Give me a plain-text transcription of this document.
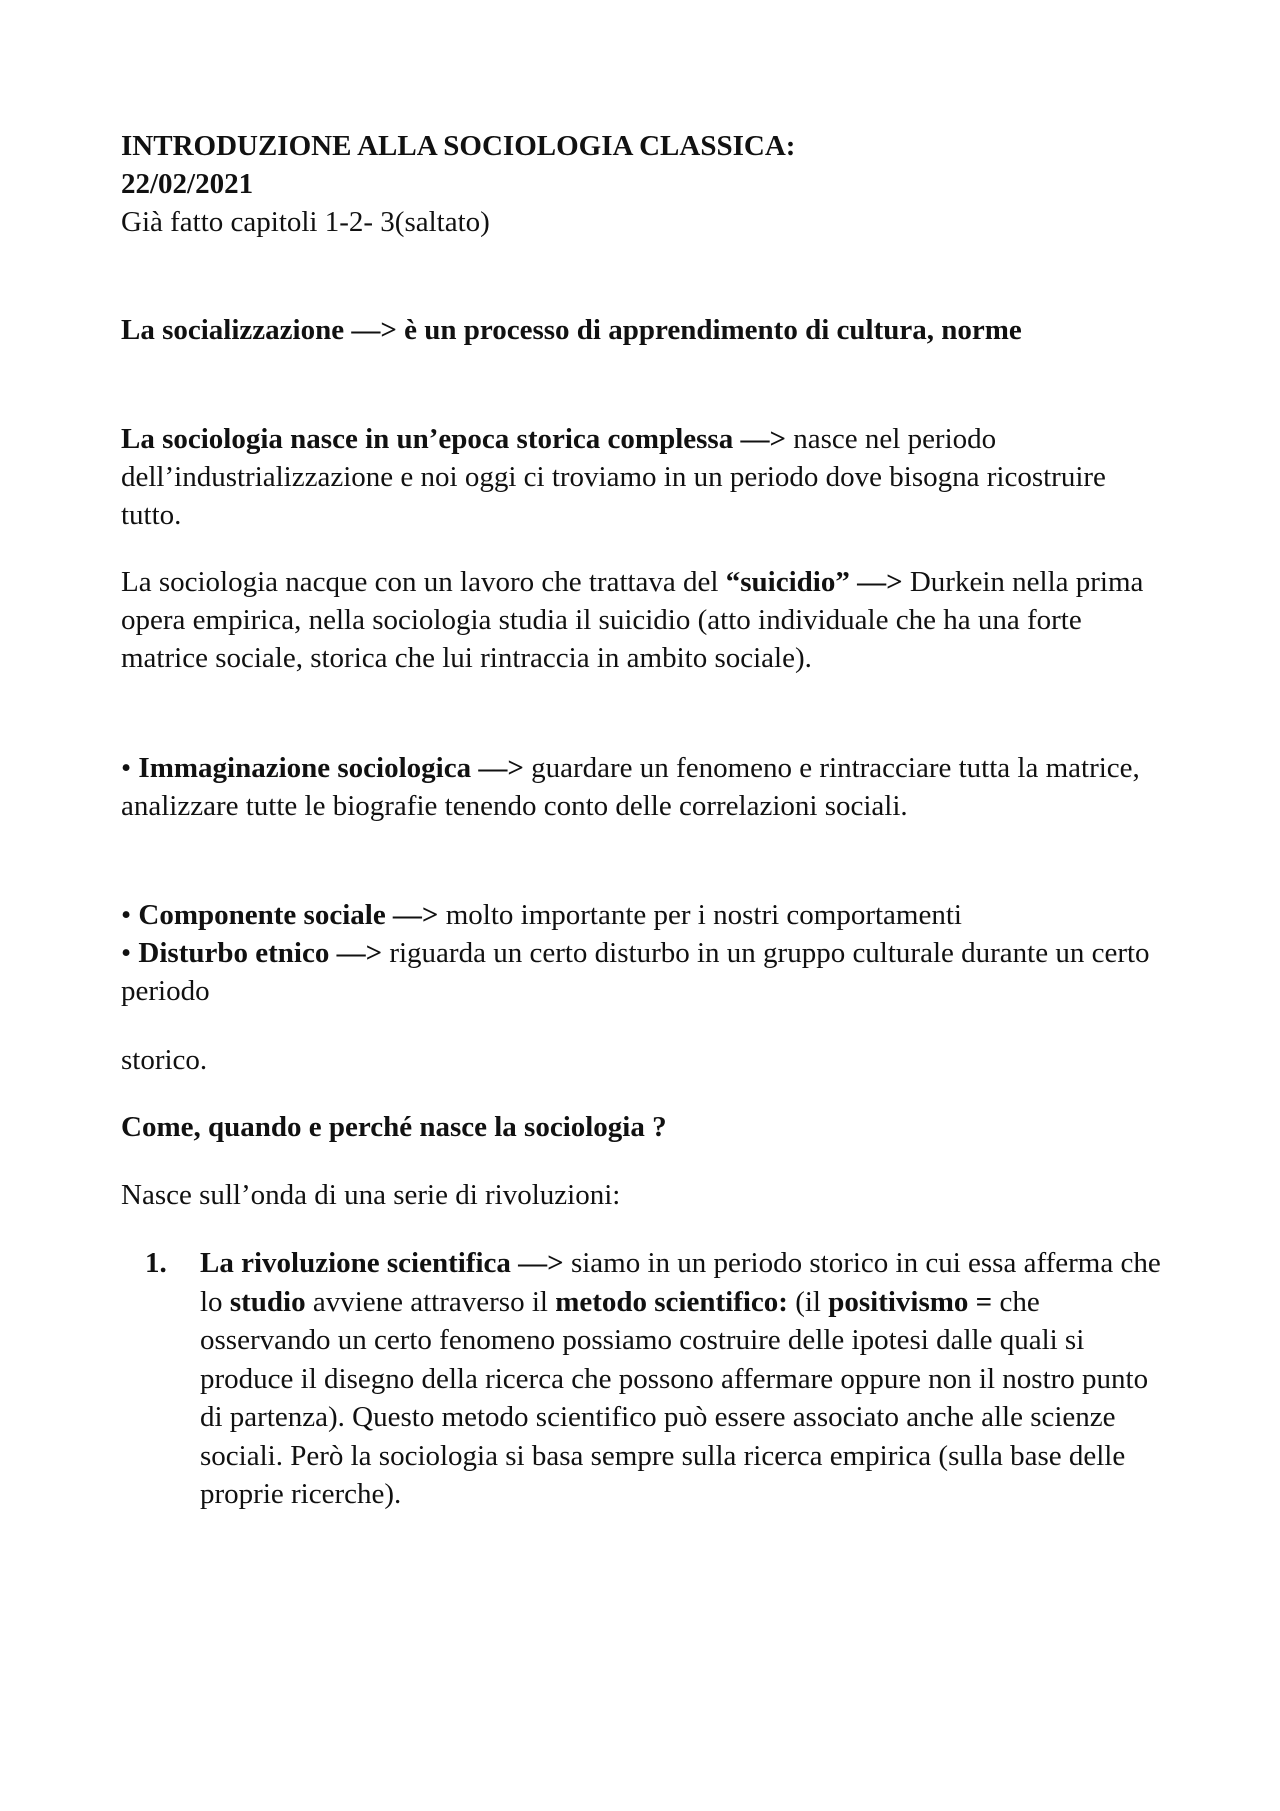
INTRODUZIONE ALLA SOCIOLOGIA CLASSICA:
22/02/2021
Già fatto capitoli 1-2- 3(saltato)

La socializzazione —> è un processo di apprendimento di cultura, norme

La sociologia nasce in un’epoca storica complessa —> nasce nel periodo dell’industrializzazione e noi oggi ci troviamo in un periodo dove bisogna ricostruire tutto.

La sociologia nacque con un lavoro che trattava del “suicidio” —> Durkein nella prima opera empirica, nella sociologia studia il suicidio (atto individuale che ha una forte matrice sociale, storica che lui rintraccia in ambito sociale).

• Immaginazione sociologica —> guardare un fenomeno e rintracciare tutta la matrice, analizzare tutte le biografie tenendo conto delle correlazioni sociali.

• Componente sociale —> molto importante per i nostri comportamenti
• Disturbo etnico —> riguarda un certo disturbo in un gruppo culturale durante un certo periodo

storico.

Come, quando e perché nasce la sociologia ?

Nasce sull’onda di una serie di rivoluzioni:

1. La rivoluzione scientifica —> siamo in un periodo storico in cui essa afferma che lo studio avviene attraverso il metodo scientifico: (il positivismo = che osservando un certo fenomeno possiamo costruire delle ipotesi dalle quali si produce il disegno della ricerca che possono affermare oppure non il nostro punto di partenza). Questo metodo scientifico può essere associato anche alle scienze sociali. Però la sociologia si basa sempre sulla ricerca empirica (sulla base delle proprie ricerche).
